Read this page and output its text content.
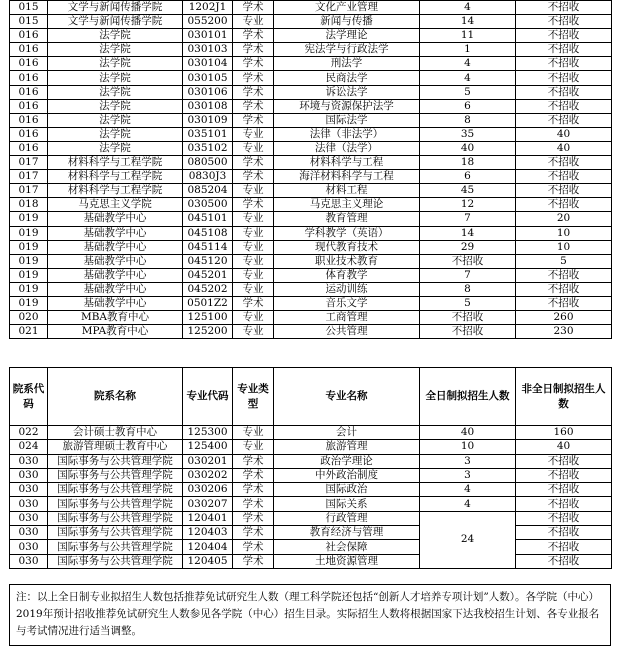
015	文学与新闻传播学院	1202J1	学术	文化产业管理	4	不招收
015	文学与新闻传播学院	055200	专业	新闻与传播	14	不招收
016	法学院	030101	学术	法学理论	11	不招收
016	法学院	030103	学术	宪法学与行政法学	1	不招收
016	法学院	030104	学术	刑法学	4	不招收
016	法学院	030105	学术	民商法学	4	不招收
016	法学院	030106	学术	诉讼法学	5	不招收
016	法学院	030108	学术	环境与资源保护法学	6	不招收
016	法学院	030109	学术	国际法学	8	不招收
016	法学院	035101	专业	法律（非法学）	35	40
016	法学院	035102	专业	法律（法学）	40	40
017	材料科学与工程学院	080500	学术	材料科学与工程	18	不招收
017	材料科学与工程学院	0830J3	学术	海洋材料科学与工程	6	不招收
017	材料科学与工程学院	085204	专业	材料工程	45	不招收
018	马克思主义学院	030500	学术	马克思主义理论	12	不招收
019	基础教学中心	045101	专业	教育管理	7	20
019	基础教学中心	045108	专业	学科教学（英语）	14	10
019	基础教学中心	045114	专业	现代教育技术	29	10
019	基础教学中心	045120	专业	职业技术教育	不招收	5
019	基础教学中心	045201	专业	体育教学	7	不招收
019	基础教学中心	045202	专业	运动训练	8	不招收
019	基础教学中心	0501Z2	学术	音乐文学	5	不招收
020	MBA教育中心	125100	专业	工商管理	不招收	260
021	MPA教育中心	125200	专业	公共管理	不招收	230
院系代码	院系名称	专业代码	专业类型	专业名称	全日制拟招生人数	非全日制拟招生人数
022	会计硕士教育中心	125300	专业	会计	40	160
024	旅游管理硕士教育中心	125400	专业	旅游管理	10	40
030	国际事务与公共管理学院	030201	学术	政治学理论	3	不招收
030	国际事务与公共管理学院	030202	学术	中外政治制度	3	不招收
030	国际事务与公共管理学院	030206	学术	国际政治	4	不招收
030	国际事务与公共管理学院	030207	学术	国际关系	4	不招收
030	国际事务与公共管理学院	120401	学术	行政管理	24	不招收
030	国际事务与公共管理学院	120403	学术	教育经济与管理		不招收
030	国际事务与公共管理学院	120404	学术	社会保障		不招收
030	国际事务与公共管理学院	120405	学术	土地资源管理		不招收
注：以上全日制专业拟招生人数包括推荐免试研究生人数（理工科学院还包括“创新人才培养专项计划”人数）。各学院（中心）2019年预计招收推荐免试研究生人数参见各学院（中心）招生目录。实际招生人数将根据国家下达我校招生计划、各专业报名与考试情况进行适当调整。
